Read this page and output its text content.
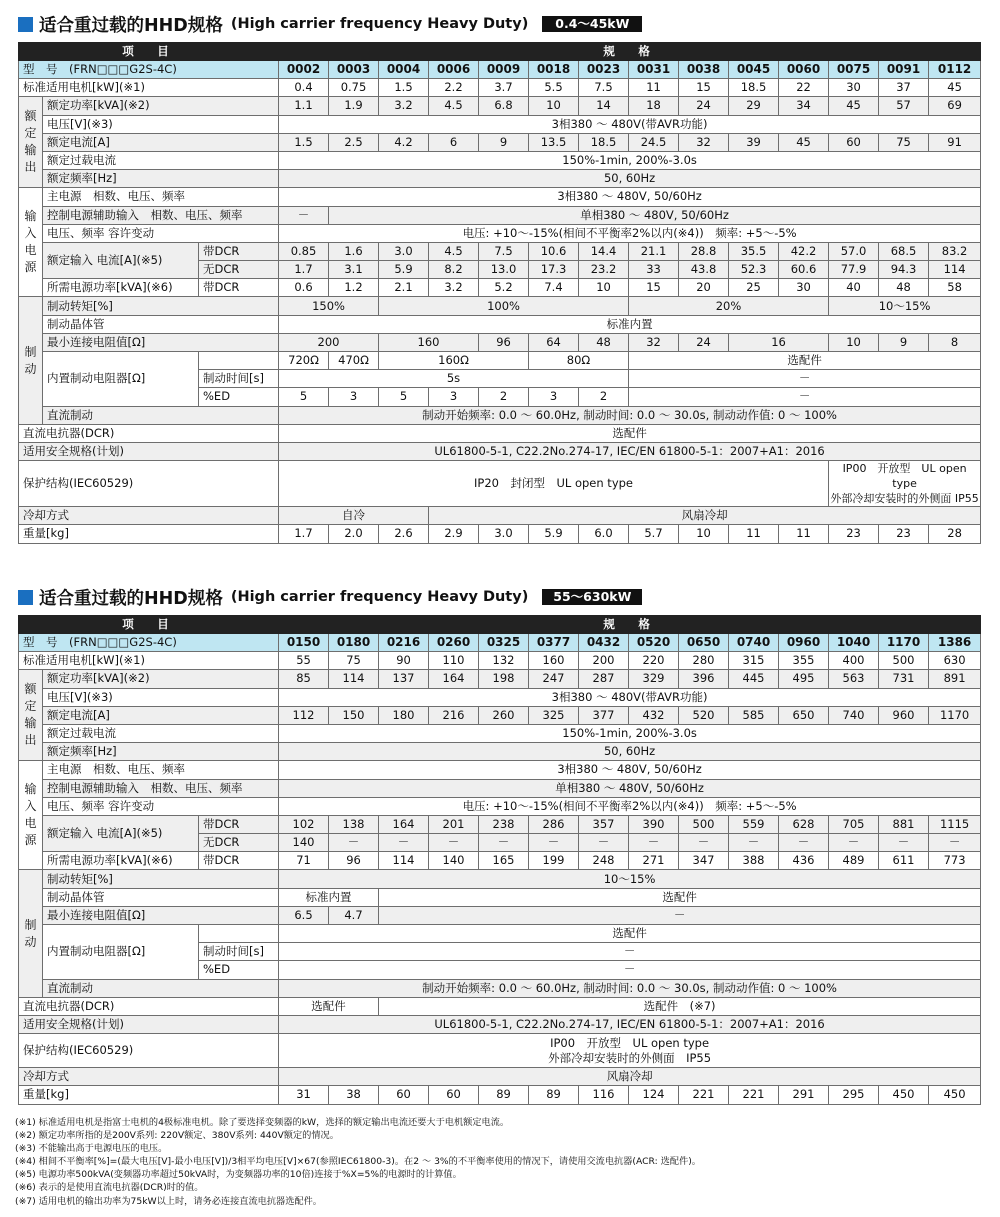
适合重过载的HHD规格 (High carrier frequency Heavy Duty)	0.4～45kW
项　目			规　格													
型　号　(FRN□□□G2S-4C)			0002	0003	0004	0006	0009	0018	0023	0031	0038	0045	0060	0075	0091	0112
标准适用电机[kW](※1)			0.4	0.75	1.5	2.2	3.7	5.5	7.5	11	15	18.5	22	30	37	45
额定输出	额定功率[kVA](※2)		1.1	1.9	3.2	4.5	6.8	10	14	18	24	29	34	45	57	69
	电压[V](※3)		3相380 ～ 480V(带AVR功能)													
	额定电流[A]		1.5	2.5	4.2	6	9	13.5	18.5	24.5	32	39	45	60	75	91
	额定过载电流		150%-1min, 200%-3.0s													
	额定频率[Hz]		50, 60Hz													
输入电源	主电源　相数、电压、频率		3相380 ～ 480V, 50/60Hz													
	控制电源辅助输入　相数、电压、频率		－	单相380 ～ 480V, 50/60Hz												
	电压、频率 容许变动		电压: +10～-15%(相间不平衡率2%以内(※4))　频率: +5～-5%													
	额定输入 电流[A](※5)	带DCR	0.85	1.6	3.0	4.5	7.5	10.6	14.4	21.1	28.8	35.5	42.2	57.0	68.5	83.2
		无DCR	1.7	3.1	5.9	8.2	13.0	17.3	23.2	33	43.8	52.3	60.6	77.9	94.3	114
	所需电源功率[kVA](※6)	带DCR	0.6	1.2	2.1	3.2	5.2	7.4	10	15	20	25	30	40	48	58
制动	制动转矩[%]		150%		100%					20%				10～15%		
	制动晶体管		标准内置													
	最小连接电阻值[Ω]		200		160		96	64	48	32	24	16		10	9	8
	内置制动电阻器[Ω]		720Ω	470Ω	160Ω			80Ω		选配件						
		制动时间[s]	5s							－						
		%ED	5	3	5	3	2	3	2	－						
	直流制动		制动开始频率: 0.0 ～ 60.0Hz, 制动时间: 0.0 ～ 30.0s, 制动动作值: 0 ～ 100%													
直流电抗器(DCR)			选配件													
适用安全规格(计划)			UL61800-5-1, C22.2No.274-17, IEC/EN 61800-5-1：2007+A1：2016													
保护结构(IEC60529)			IP20　封闭型　UL open type											IP00　开放型　UL open type
外部冷却安装时的外侧面 IP55		

冷却方式			自冷			风扇冷却										
重量[kg]			1.7	2.0	2.6	2.9	3.0	5.9	6.0	5.7	10	11	11	23	23	28
适合重过载的HHD规格 (High carrier frequency Heavy Duty)	55～630kW
项　目			规　格													
型　号　(FRN□□□G2S-4C)			0150	0180	0216	0260	0325	0377	0432	0520	0650	0740	0960	1040	1170	1386
标准适用电机[kW](※1)			55	75	90	110	132	160	200	220	280	315	355	400	500	630
额定输出	额定功率[kVA](※2)		85	114	137	164	198	247	287	329	396	445	495	563	731	891
	电压[V](※3)		3相380 ～ 480V(带AVR功能)													
	额定电流[A]		112	150	180	216	260	325	377	432	520	585	650	740	960	1170
	额定过载电流		150%-1min, 200%-3.0s													
	额定频率[Hz]		50, 60Hz													
输入电源	主电源　相数、电压、频率		3相380 ～ 480V, 50/60Hz													
	控制电源辅助输入　相数、电压、频率		单相380 ～ 480V, 50/60Hz													
	电压、频率 容许变动		电压: +10～-15%(相间不平衡率2%以内(※4))　频率: +5～-5%													
	额定输入 电流[A](※5)	带DCR	102	138	164	201	238	286	357	390	500	559	628	705	881	1115
		无DCR	140	－	－	－	－	－	－	－	－	－	－	－	－	－
	所需电源功率[kVA](※6)	带DCR	71	96	114	140	165	199	248	271	347	388	436	489	611	773
制动	制动转矩[%]		10～15%													
	制动晶体管		标准内置		选配件											
	最小连接电阻值[Ω]		6.5	4.7	－											
	内置制动电阻器[Ω]		选配件													
		制动时间[s]	－													
		%ED	－													
	直流制动		制动开始频率: 0.0 ～ 60.0Hz, 制动时间: 0.0 ～ 30.0s, 制动动作值: 0 ～ 100%													
直流电抗器(DCR)			选配件		选配件　(※7)											
适用安全规格(计划)			UL61800-5-1, C22.2No.274-17, IEC/EN 61800-5-1：2007+A1：2016													
保护结构(IEC60529)			IP00　开放型　UL open type
外部冷却安装时的外侧面　IP55													

冷却方式			风扇冷却													
重量[kg]			31	38	60	60	89	89	116	124	221	221	291	295	450	450
(※1) 标准适用电机是指富士电机的4极标准电机。除了要选择变频器的kW，选择的额定输出电流还要大于电机额定电流。
(※2) 额定功率所指的是200V系列: 220V额定、380V系列: 440V额定的情况。
(※3) 不能输出高于电源电压的电压。
(※4) 相间不平衡率[%]=(最大电压[V]-最小电压[V])/3相平均电压[V]×67(参照IEC61800-3)。在2 ～ 3%的不平衡率使用的情况下，请使用交流电抗器(ACR: 选配件)。
(※5) 电源功率500kVA(变频器功率超过50kVA时，为变频器功率的10倍)连接于%X=5%的电源时的计算值。
(※6) 表示的是使用直流电抗器(DCR)时的值。
(※7) 适用电机的输出功率为75kW以上时，请务必连接直流电抗器选配件。
